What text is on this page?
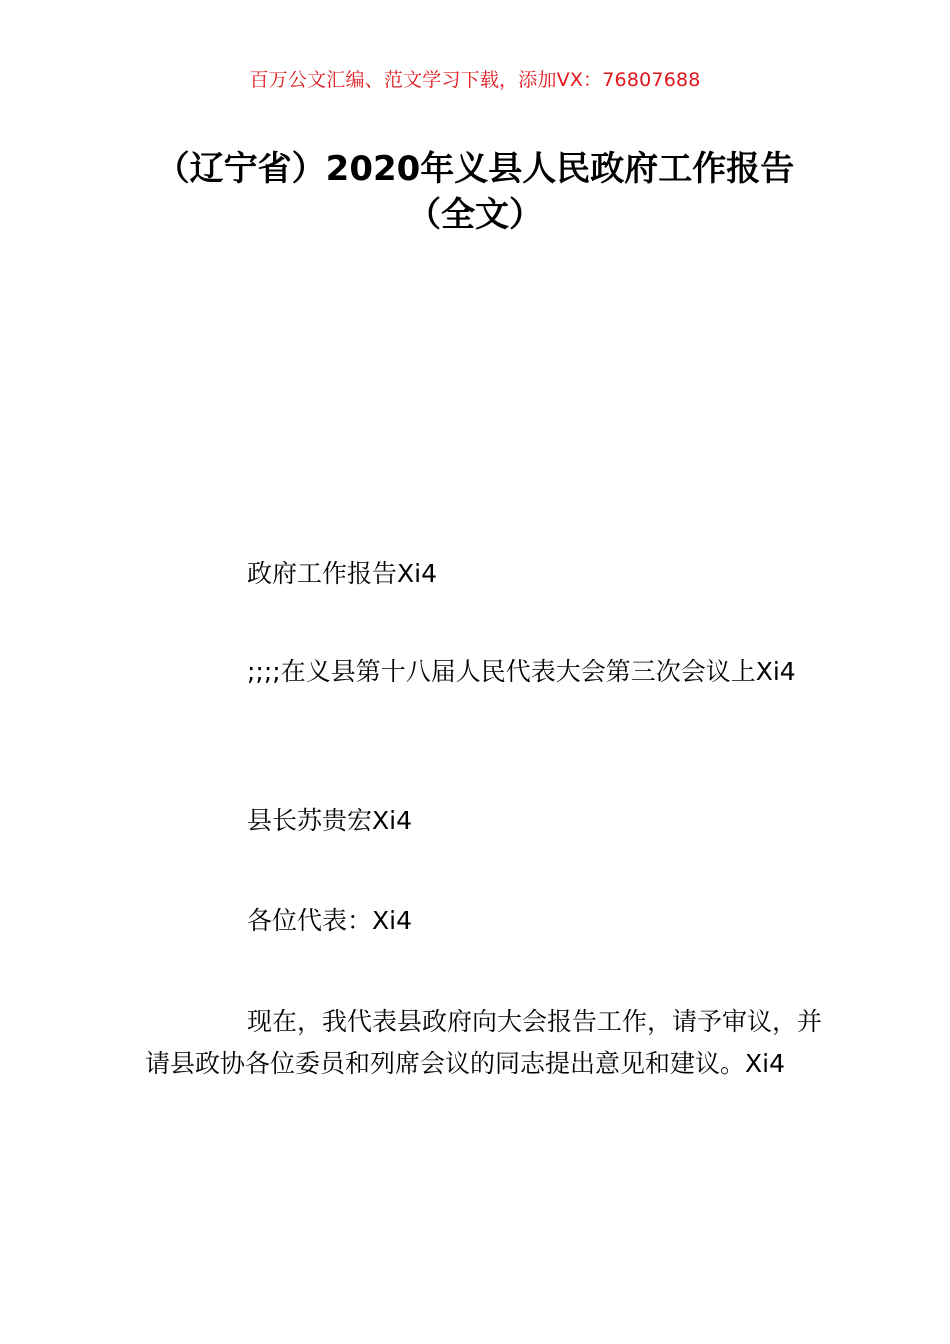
百万公文汇编、范文学习下载，添加VX：76807688
（辽宁省）2020年义县人民政府工作报告
（全文）

政府工作报告Xi4

;;;;在义县第十八届人民代表大会第三次会议上Xi4

县长苏贵宏Xi4

各位代表：Xi4

现在，我代表县政府向大会报告工作，请予审议，并请县政协各位委员和列席会议的同志提出意见和建议。Xi4
